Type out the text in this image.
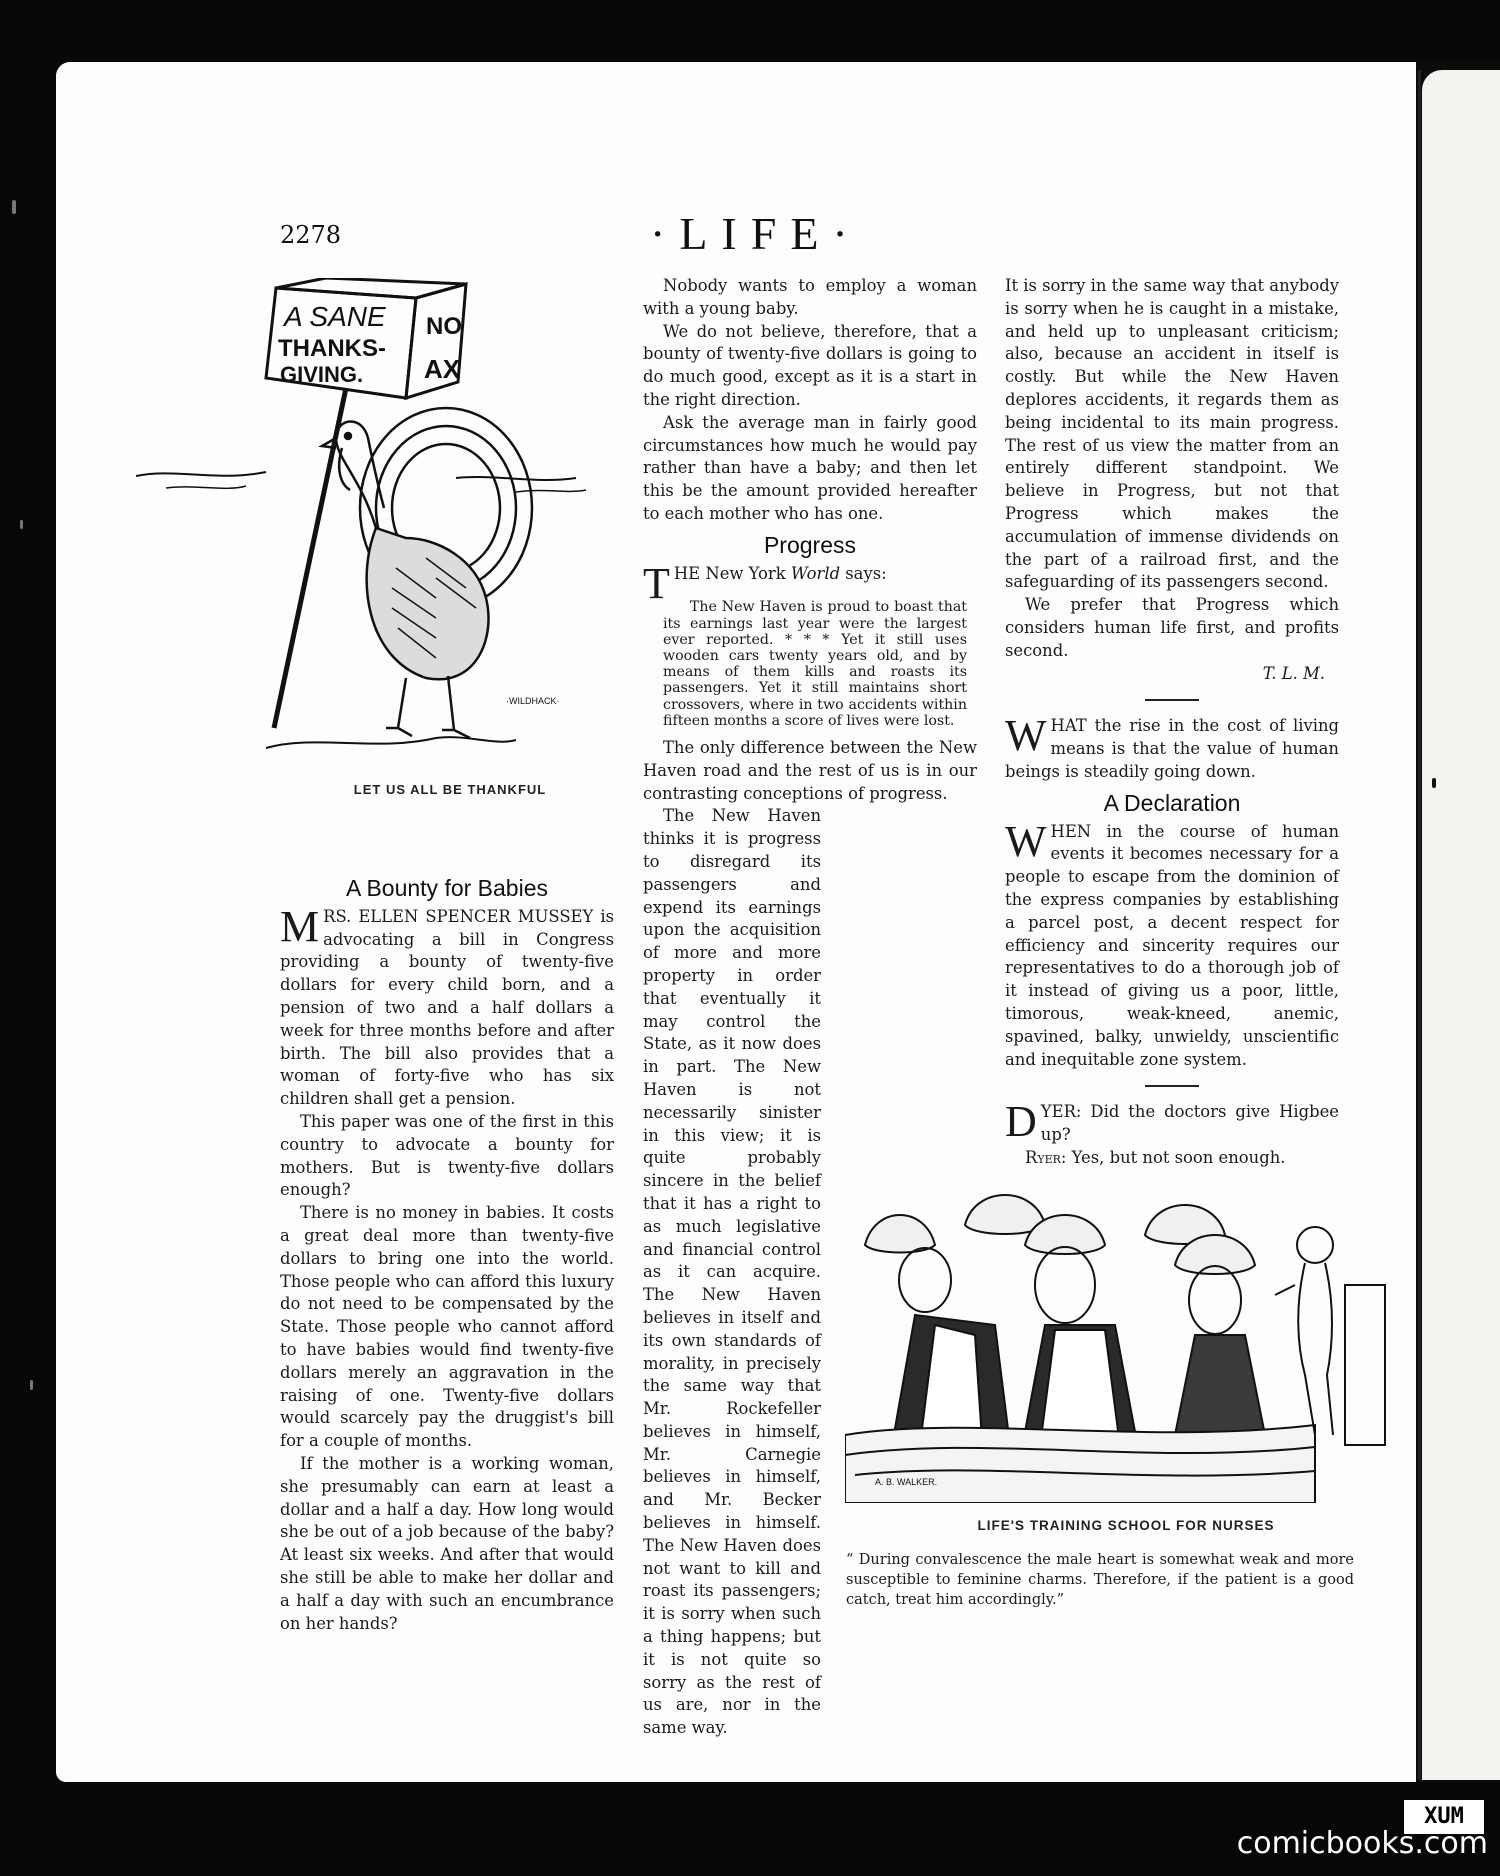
2278	·LIFE·
A SANE
THANKS-
GIVING.
NO
AX
·WILDHACK·
LET US ALL BE THANKFUL
A Bounty for Babies

MRS. ELLEN SPENCER MUSSEY is advocating a bill in Congress providing a bounty of twenty-five dollars for every child born, and a pension of two and a half dollars a week for three months before and after birth. The bill also provides that a woman of forty-five who has six children shall get a pension.

This paper was one of the first in this country to advocate a bounty for mothers. But is twenty-five dollars enough?

There is no money in babies. It costs a great deal more than twenty-five dollars to bring one into the world. Those people who can afford this luxury do not need to be compensated by the State. Those people who cannot afford to have babies would find twenty-five dollars merely an aggravation in the raising of one. Twenty-five dollars would scarcely pay the druggist's bill for a couple of months.

If the mother is a working woman, she presumably can earn at least a dollar and a half a day. How long would she be out of a job because of the baby? At least six weeks. And after that would she still be able to make her dollar and a half a day with such an encumbrance on her hands?

Nobody wants to employ a woman with a young baby.

We do not believe, therefore, that a bounty of twenty-five dollars is going to do much good, except as it is a start in the right direction.

Ask the average man in fairly good circumstances how much he would pay rather than have a baby; and then let this be the amount provided hereafter to each mother who has one.

Progress

THE New York World says:

The New Haven is proud to boast that its earnings last year were the largest ever reported. * * * Yet it still uses wooden cars twenty years old, and by means of them kills and roasts its passengers. Yet it still maintains short crossovers, where in two accidents within fifteen months a score of lives were lost.

The only difference between the New Haven road and the rest of us is in our contrasting conceptions of progress.

The New Haven thinks it is progress to disregard its passengers and expend its earnings upon the acquisition of more and more property in order that eventually it may control the State, as it now does in part. The New Haven is not necessarily sinister in this view; it is quite probably sincere in the belief that it has a right to as much legislative and financial control as it can acquire. The New Haven believes in itself and its own standards of morality, in precisely the same way that Mr. Rockefeller believes in himself, Mr. Carnegie believes in himself, and Mr. Becker believes in himself. The New Haven does not want to kill and roast its passengers; it is sorry when such a thing happens; but it is not quite so sorry as the rest of us are, nor in the same way.

It is sorry in the same way that anybody is sorry when he is caught in a mistake, and held up to unpleasant criticism; also, because an accident in itself is costly. But while the New Haven deplores accidents, it regards them as being incidental to its main progress. The rest of us view the matter from an entirely different standpoint. We believe in Progress, but not that Progress which makes the accumulation of immense dividends on the part of a railroad first, and the safeguarding of its passengers second.

We prefer that Progress which considers human life first, and profits second.

T. L. M.

WHAT the rise in the cost of living means is that the value of human beings is steadily going down.

A Declaration

WHEN in the course of human events it becomes necessary for a people to escape from the dominion of the express companies by establishing a parcel post, a decent respect for efficiency and sincerity requires our representatives to do a thorough job of it instead of giving us a poor, little, timorous, weak-kneed, anemic, spavined, balky, unwieldy, unscientific and inequitable zone system.

DYER: Did the doctors give Higbee up?

Ryer: Yes, but not soon enough.

A. B. WALKER.
LIFE'S TRAINING SCHOOL FOR NURSES
“ During convalescence the male heart is somewhat weak and more susceptible to feminine charms. Therefore, if the patient is a good catch, treat him accordingly.”
XUM
comicbooks.com
